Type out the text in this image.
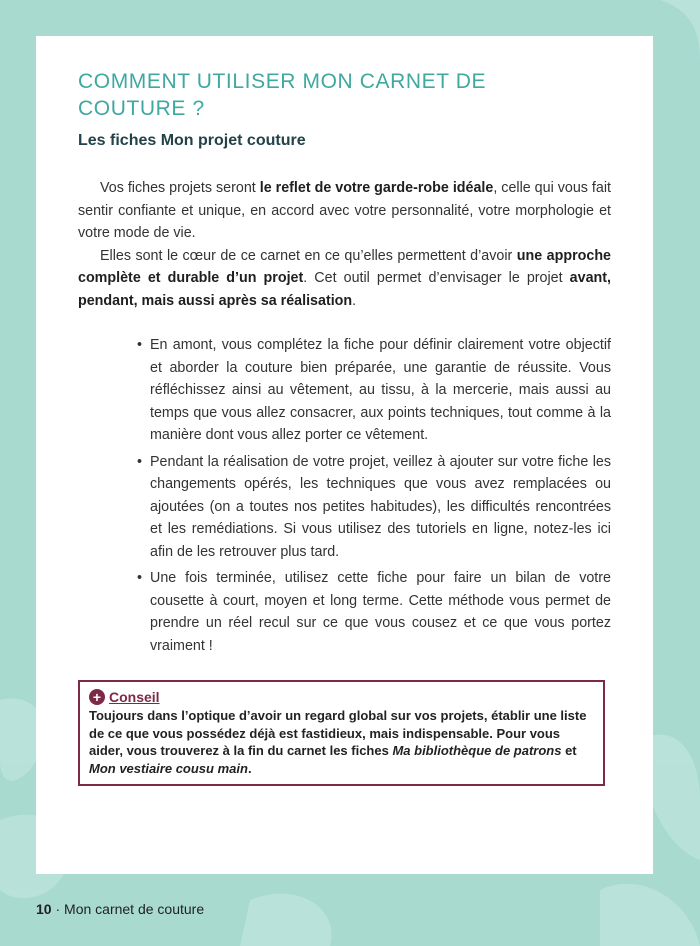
COMMENT UTILISER MON CARNET DE COUTURE ?
Les fiches Mon projet couture

Vos fiches projets seront le reflet de votre garde-robe idéale, celle qui vous fait sentir confiante et unique, en accord avec votre personnalité, votre morphologie et votre mode de vie.

Elles sont le cœur de ce carnet en ce qu’elles permettent d’avoir une approche complète et durable d’un projet. Cet outil permet d’envisager le projet avant, pendant, mais aussi après sa réalisation.

• En amont, vous complétez la fiche pour définir clairement votre objectif et aborder la couture bien préparée, une garantie de réussite. Vous réfléchissez ainsi au vêtement, au tissu, à la mercerie, mais aussi au temps que vous allez consacrer, aux points techniques, tout comme à la manière dont vous allez porter ce vêtement.
• Pendant la réalisation de votre projet, veillez à ajouter sur votre fiche les changements opérés, les techniques que vous avez remplacées ou ajoutées (on a toutes nos petites habitudes), les difficultés rencontrées et les remédiations. Si vous utilisez des tutoriels en ligne, notez-les ici afin de les retrouver plus tard.
• Une fois terminée, utilisez cette fiche pour faire un bilan de votre cousette à court, moyen et long terme. Cette méthode vous permet de prendre un réel recul sur ce que vous cousez et ce que vous portez vraiment !
+ Conseil
Toujours dans l’optique d’avoir un regard global sur vos projets, établir une liste de ce que vous possédez déjà est fastidieux, mais indispensable. Pour vous aider, vous trouverez à la fin du carnet les fiches Ma bibliothèque de patrons et Mon vestiaire cousu main.
10 · Mon carnet de couture
